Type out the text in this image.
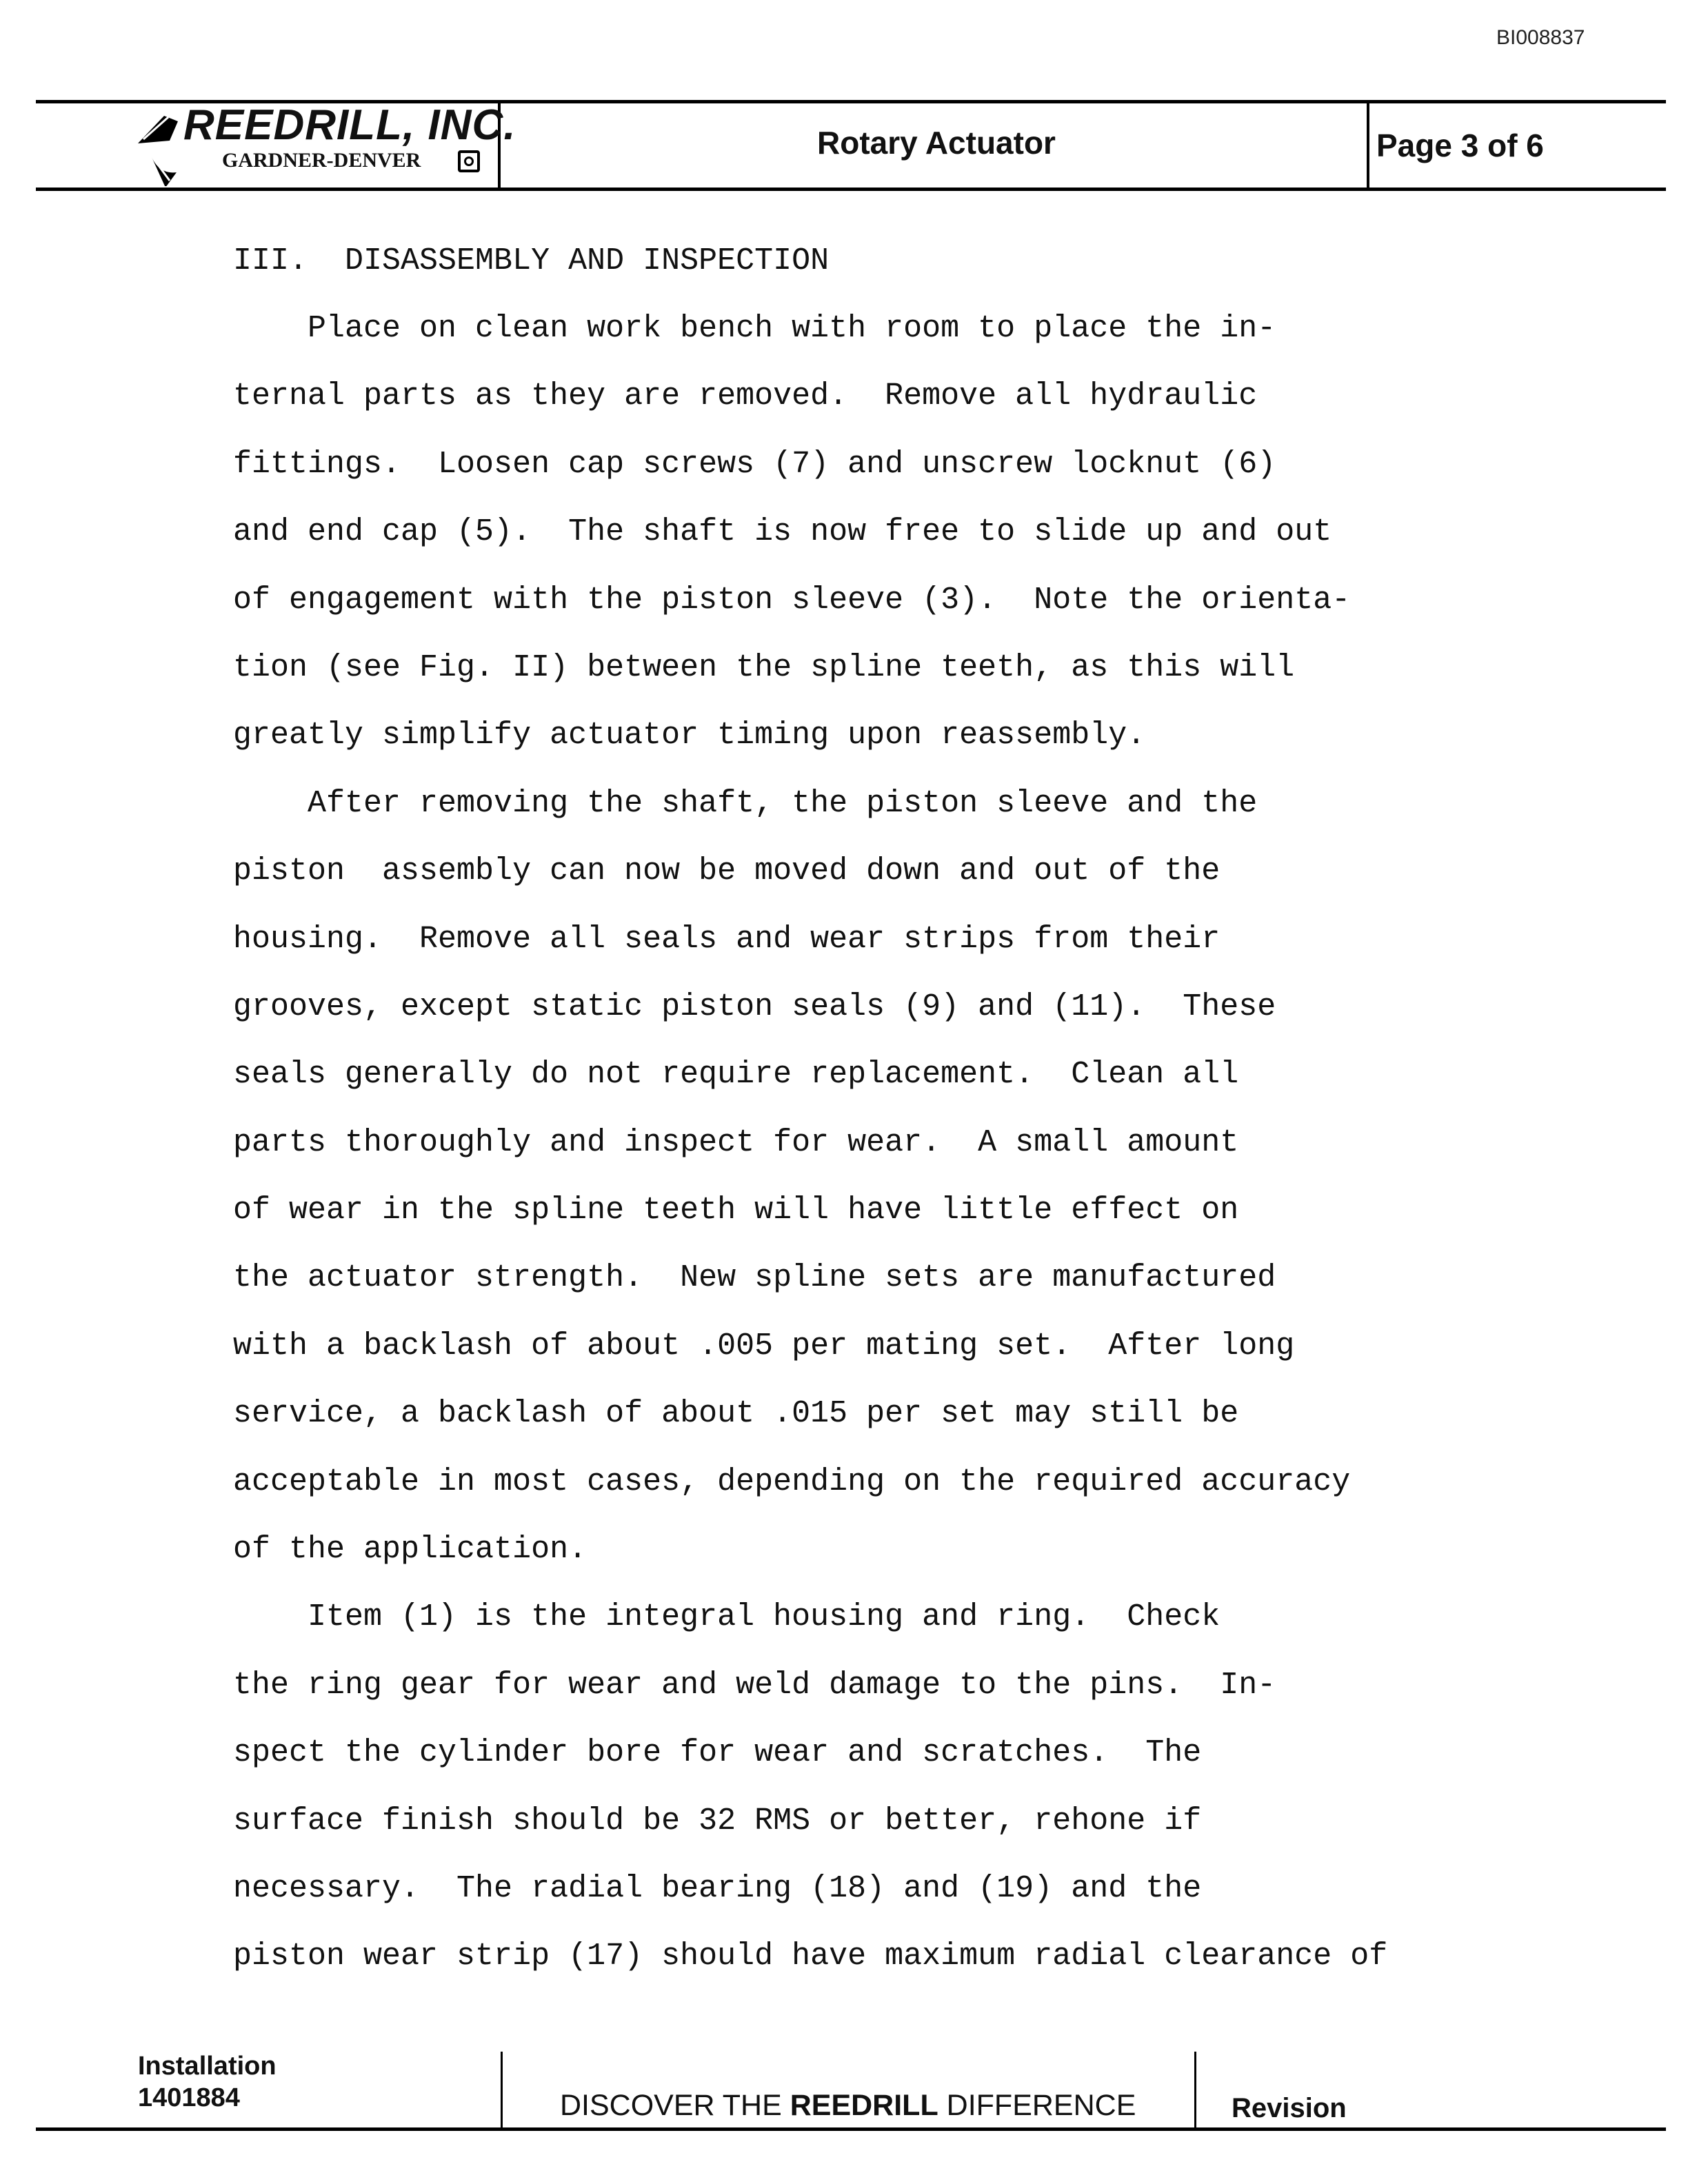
BI008837
REEDRILL, INC.
GARDNER-DENVER	Rotary Actuator	Page 3 of 6
III.  DISASSEMBLY AND INSPECTION
Place on clean work bench with room to place the in-
ternal parts as they are removed.  Remove all hydraulic
fittings.  Loosen cap screws (7) and unscrew locknut (6)
and end cap (5).  The shaft is now free to slide up and out
of engagement with the piston sleeve (3).  Note the orienta-
tion (see Fig. II) between the spline teeth, as this will
greatly simplify actuator timing upon reassembly.
After removing the shaft, the piston sleeve and the
piston  assembly can now be moved down and out of the
housing.  Remove all seals and wear strips from their
grooves, except static piston seals (9) and (11).  These
seals generally do not require replacement.  Clean all
parts thoroughly and inspect for wear.  A small amount
of wear in the spline teeth will have little effect on
the actuator strength.  New spline sets are manufactured
with a backlash of about .005 per mating set.  After long
service, a backlash of about .015 per set may still be
acceptable in most cases, depending on the required accuracy
of the application.
Item (1) is the integral housing and ring.  Check
the ring gear for wear and weld damage to the pins.  In-
spect the cylinder bore for wear and scratches.  The
surface finish should be 32 RMS or better, rehone if
necessary.  The radial bearing (18) and (19) and the
piston wear strip (17) should have maximum radial clearance of
Installation
1401884	DISCOVER THE REEDRILL DIFFERENCE	Revision
